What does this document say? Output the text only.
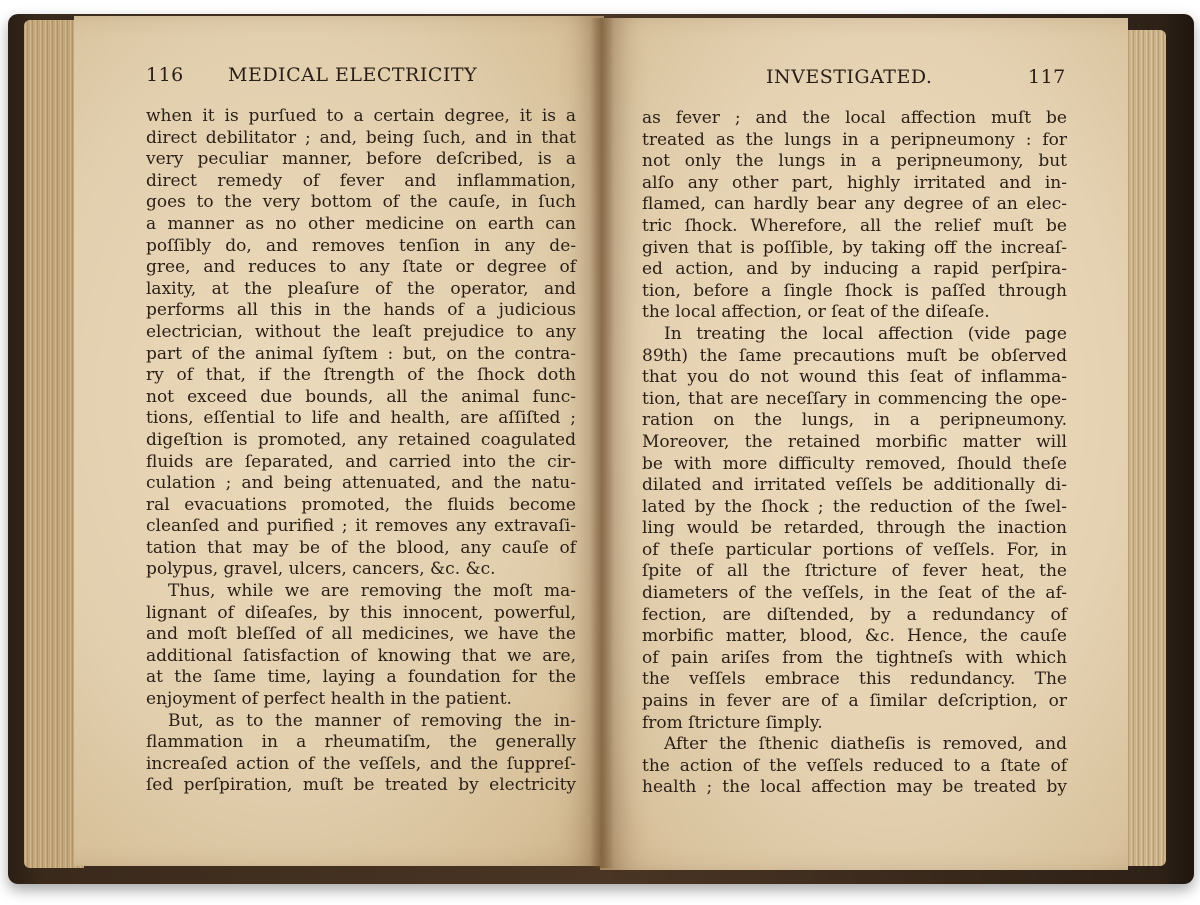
116 MEDICAL ELECTRICITY
when it is purſued to a certain degree, it is a
direct debilitator ; and, being ſuch, and in that
very peculiar manner, before deſcribed, is a
direct remedy of fever and inflammation,
goes to the very bottom of the cauſe, in ſuch
a manner as no other medicine on earth can
poſſibly do, and removes tenſion in any de-
gree, and reduces to any ſtate or degree of
laxity, at the pleaſure of the operator, and
performs all this in the hands of a judicious
electrician, without the leaſt prejudice to any
part of the animal ſyſtem : but, on the contra-
ry of that, if the ſtrength of the ſhock doth
not exceed due bounds, all the animal func-
tions, eſſential to life and health, are aſſiſted ;
digeſtion is promoted, any retained coagulated
fluids are ſeparated, and carried into the cir-
culation ; and being attenuated, and the natu-
ral evacuations promoted, the fluids become
cleanſed and purified ; it removes any extravaſi-
tation that may be of the blood, any cauſe of
polypus, gravel, ulcers, cancers, &c. &c.
Thus, while we are removing the moſt ma-
lignant of diſeaſes, by this innocent, powerful,
and moſt bleſſed of all medicines, we have the
additional ſatisfaction of knowing that we are,
at the ſame time, laying a foundation for the
enjoyment of perfect health in the patient.
But, as to the manner of removing the in-
flammation in a rheumatiſm, the generally
increaſed action of the veſſels, and the ſuppreſ-
ſed perſpiration, muſt be treated by electricity
INVESTIGATED.	117
as fever ; and the local affection muſt be
treated as the lungs in a peripneumony : for
not only the lungs in a peripneumony, but
alſo any other part, highly irritated and in-
flamed, can hardly bear any degree of an elec-
tric ſhock. Wherefore, all the relief muſt be
given that is poſſible, by taking off the increaſ-
ed action, and by inducing a rapid perſpira-
tion, before a ſingle ſhock is paſſed through
the local affection, or ſeat of the diſeaſe.
In treating the local affection (vide page
89th) the ſame precautions muſt be obſerved
that you do not wound this ſeat of inflamma-
tion, that are neceſſary in commencing the ope-
ration on the lungs, in a peripneumony.
Moreover, the retained morbific matter will
be with more difficulty removed, ſhould theſe
dilated and irritated veſſels be additionally di-
lated by the ſhock ; the reduction of the ſwel-
ling would be retarded, through the inaction
of theſe particular portions of veſſels. For, in
ſpite of all the ſtricture of fever heat, the
diameters of the veſſels, in the ſeat of the af-
fection, are diſtended, by a redundancy of
morbific matter, blood, &c. Hence, the cauſe
of pain ariſes from the tightneſs with which
the veſſels embrace this redundancy. The
pains in fever are of a ſimilar deſcription, or
from ſtricture ſimply.
After the ſthenic diatheſis is removed, and
the action of the veſſels reduced to a ſtate of
health ; the local affection may be treated by
